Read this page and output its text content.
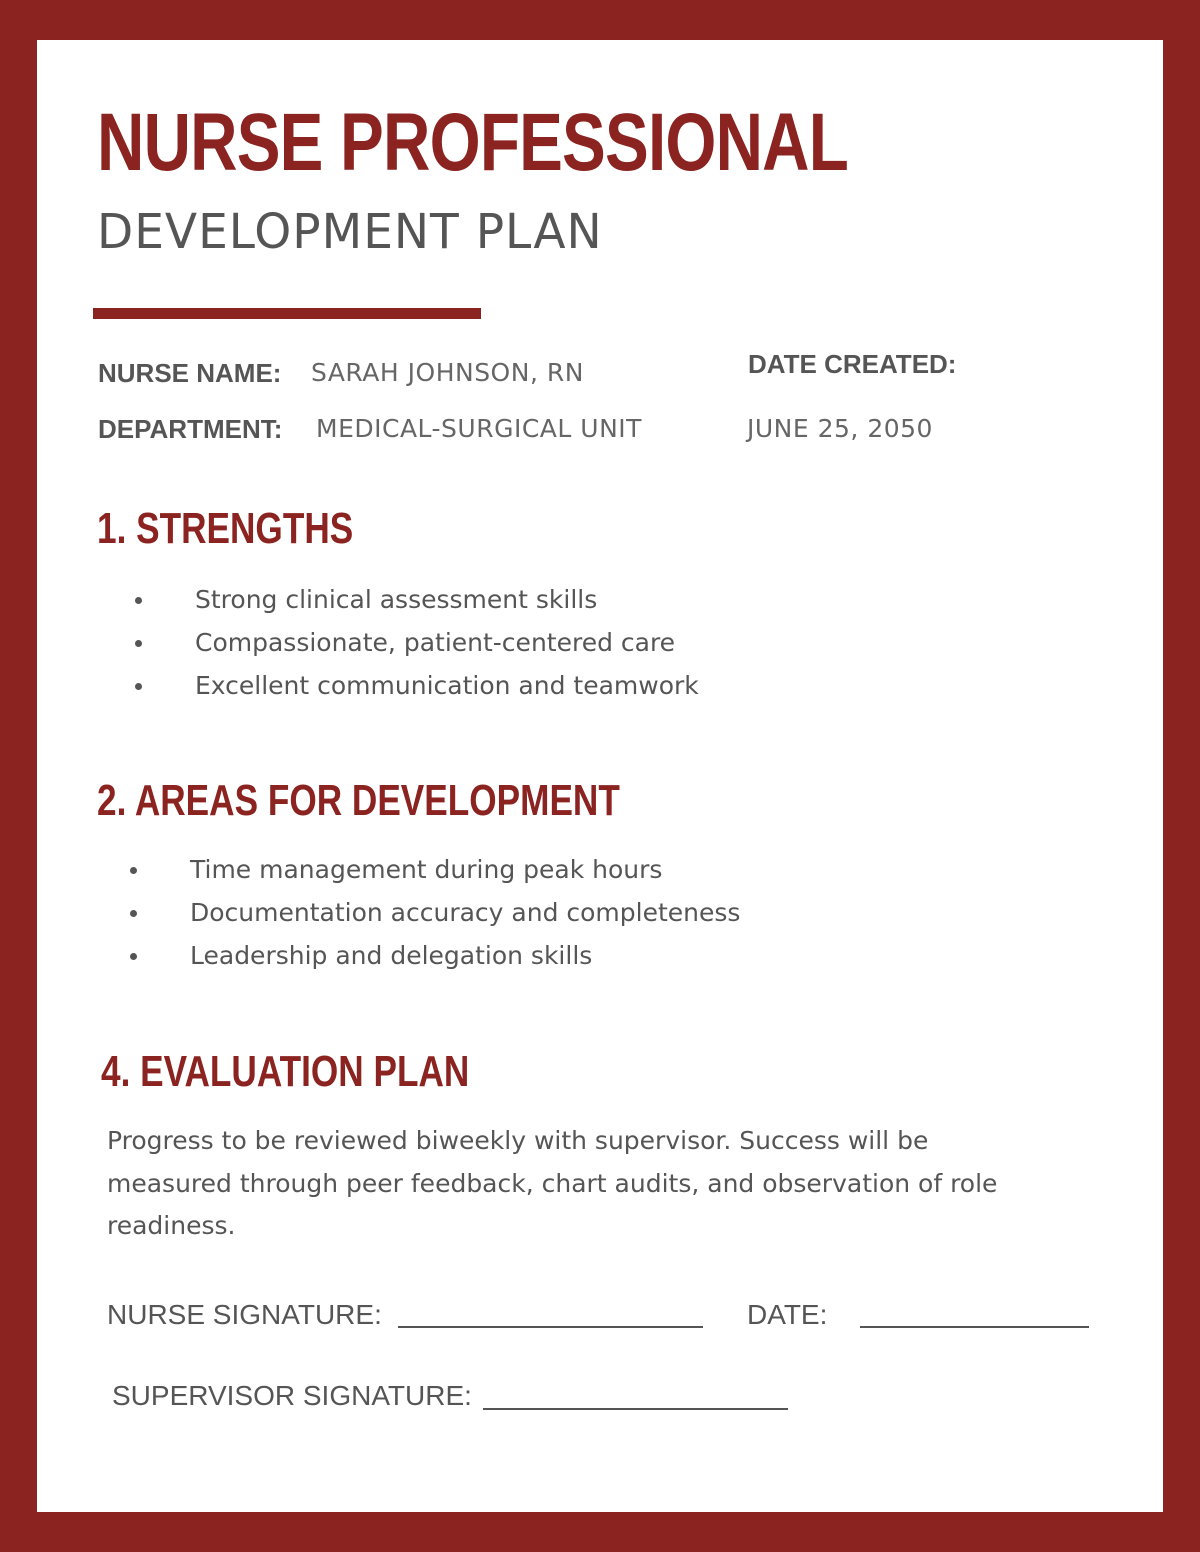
NURSE PROFESSIONAL
DEVELOPMENT PLAN
NURSE NAME: SARAH JOHNSON, RN
DEPARTMENT: MEDICAL-SURGICAL UNIT
DATE CREATED:
JUNE 25, 2050
1. STRENGTHS
Strong clinical assessment skills
Compassionate, patient-centered care
Excellent communication and teamwork
2. AREAS FOR DEVELOPMENT
Time management during peak hours
Documentation accuracy and completeness
Leadership and delegation skills
4. EVALUATION PLAN

Progress to be reviewed biweekly with supervisor. Success will be measured through peer feedback, chart audits, and observation of role readiness.

NURSE SIGNATURE:	DATE:
SUPERVISOR SIGNATURE:
